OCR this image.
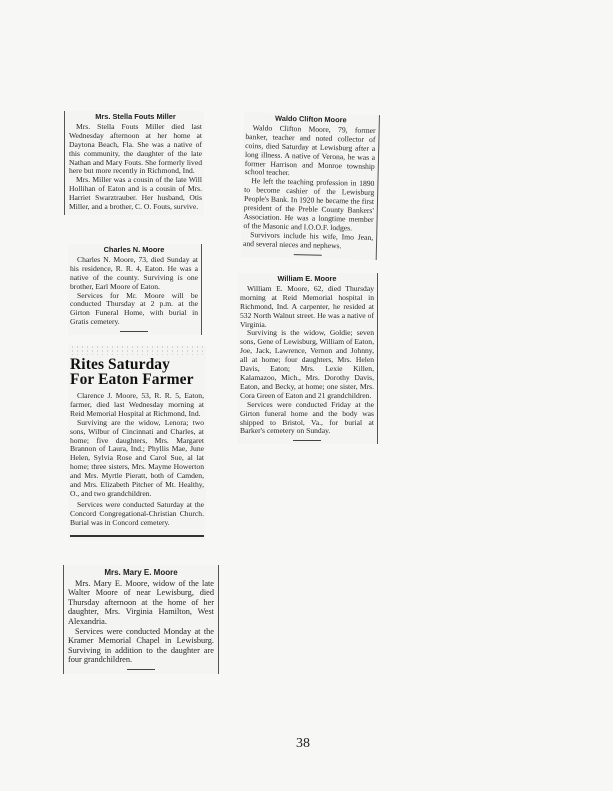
Mrs. Stella Fouts Miller

Mrs. Stella Fouts Miller died last Wednesday afternoon at her home at Daytona Beach, Fla. She was a native of this community, the daughter of the late Nathan and Mary Fouts. She formerly lived here but more recently in Richmond, Ind.

Mrs. Miller was a cousin of the late Will Hollihan of Eaton and is a cousin of Mrs. Harriet Swarztrauber. Her husband, Otis Miller, and a brother, C. O. Fouts, survive.

Charles N. Moore

Charles N. Moore, 73, died Sunday at his residence, R. R. 4, Eaton. He was a native of the county. Surviving is one brother, Earl Moore of Eaton.

Services for Mr. Moore will be conducted Thursday at 2 p.m. at the Girton Funeral Home, with burial in Gratis cemetery.

Rites Saturday
For Eaton Farmer

Clarence J. Moore, 53, R. R. 5, Eaton, farmer, died last Wednesday morning at Reid Memorial Hospital at Richmond, Ind.

Surviving are the widow, Lenora; two sons, Wilbur of Cincinnati and Charles, at home; five daughters, Mrs. Margaret Brannon of Laura, Ind.; Phyllis Mae, June Helen, Sylvia Rose and Carol Sue, al lat home; three sisters, Mrs. Mayme Howerton and Mrs. Myrtle Pieratt, both of Camden, and Mrs. Elizabeth Pitcher of Mt. Healthy, O., and two grandchildren.

Services were conducted Saturday at the Concord Congregational-Christian Church. Burial was in Concord cemetery.

Mrs. Mary E. Moore

Mrs. Mary E. Moore, widow of the late Walter Moore of near Lewisburg, died Thursday afternoon at the home of her daughter, Mrs. Virginia Hamilton, West Alexandria.

Services were conducted Monday at the Kramer Memorial Chapel in Lewisburg. Surviving in addition to the daughter are four grandchildren.

Waldo Clifton Moore

Waldo Clifton Moore, 79, former banker, teacher and noted collector of coins, died Saturday at Lewisburg after a long illness. A native of Verona, he was a former Harrison and Monroe township school teacher.

He left the teaching profession in 1890 to become cashier of the Lewisburg People's Bank. In 1920 he became the first president of the Preble County Bankers' Association. He was a longtime member of the Masonic and I.O.O.F. lodges.

Survivors include his wife, Imo Jean, and several nieces and nephews.

William E. Moore

William E. Moore, 62, died Thursday morning at Reid Memorial hospital in Richmond, Ind. A carpenter, he resided at 532 North Walnut street. He was a native of Virginia.

Surviving is the widow, Goldie; seven sons, Gene of Lewisburg, William of Eaton, Joe, Jack, Lawrence, Vernon and Johnny, all at home; four daughters, Mrs. Helen Davis, Eaton; Mrs. Lexie Killen, Kalamazoo, Mich., Mrs. Dorothy Davis, Eaton, and Becky, at home; one sister, Mrs. Cora Green of Eaton and 21 grandchildren.

Services were conducted Friday at the Girton funeral home and the body was shipped to Bristol, Va., for burial at Barker's cemetery on Sunday.

38
